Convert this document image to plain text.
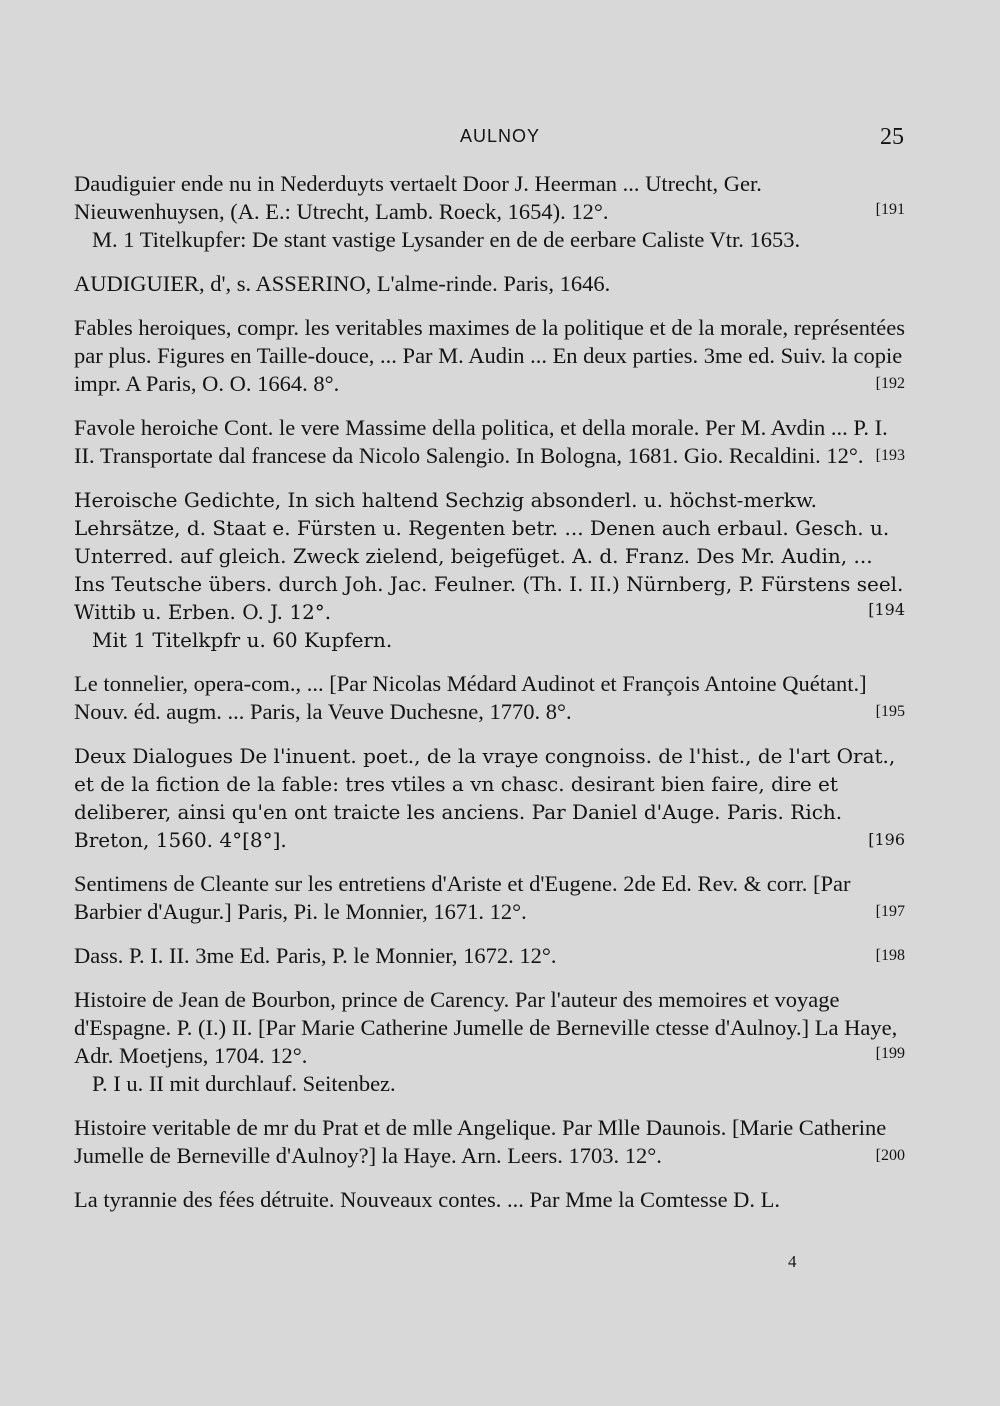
AULNOY	25
Daudiguier ende nu in Nederduyts vertaelt Door J. Heerman ... Utrecht, Ger. Nieuwenhuysen, (A. E.: Utrecht, Lamb. Roeck, 1654). 12°.
M. 1 Titelkupfer: De stant vastige Lysander en de de eerbare Caliste Vtr. 1653.
[191
AUDIGUIER, d', s. ASSERINO, L'alme-rinde. Paris, 1646.
Fables heroiques, compr. les veritables maximes de la politique et de la morale, représentées par plus. Figures en Taille-douce, ... Par M. Audin ... En deux parties. 3me ed. Suiv. la copie impr. A Paris, O. O. 1664. 8°.	[192
Favole heroiche Cont. le vere Massime della politica, et della morale. Per M. Avdin ... P. I. II. Transportate dal francese da Nicolo Salengio. In Bologna, 1681. Gio. Recaldini. 12°. [193
Heroische Gedichte, In sich haltend Sechzig absonderl. u. höchst-merkw. Lehrsätze, d. Staat e. Fürsten u. Regenten betr. ... Denen auch erbaul. Gesch. u. Unterred. auf gleich. Zweck zielend, beigefüget. A. d. Franz. Des Mr. Audin, ... Ins Teutsche übers. durch Joh. Jac. Feulner. (Th. I. II.) Nürnberg, P. Fürstens seel. Wittib u. Erben. O. J. 12°.
Mit 1 Titelkpfr u. 60 Kupfern.
[194
Le tonnelier, opera-com., ... [Par Nicolas Médard Audinot et François Antoine Quétant.] Nouv. éd. augm. ... Paris, la Veuve Duchesne, 1770. 8°.	[195
Deux Dialogues De l'inuent. poet., de la vraye congnoiss. de l'hist., de l'art Orat., et de la fiction de la fable: tres vtiles a vn chasc. desirant bien faire, dire et deliberer, ainsi qu'en ont traicte les anciens. Par Daniel d'Auge. Paris. Rich. Breton, 1560. 4°[8°].	[196
Sentimens de Cleante sur les entretiens d'Ariste et d'Eugene. 2de Ed. Rev. & corr. [Par Barbier d'Augur.] Paris, Pi. le Monnier, 1671. 12°.	[197
Dass. P. I. II. 3me Ed. Paris, P. le Monnier, 1672. 12°.	[198
Histoire de Jean de Bourbon, prince de Carency. Par l'auteur des memoires et voyage d'Espagne. P. (I.) II. [Par Marie Catherine Jumelle de Berneville ctesse d'Aulnoy.] La Haye, Adr. Moetjens, 1704. 12°.
P. I u. II mit durchlauf. Seitenbez.
[199
Histoire veritable de mr du Prat et de mlle Angelique. Par Mlle Daunois. [Marie Catherine Jumelle de Berneville d'Aulnoy?] la Haye. Arn. Leers. 1703. 12°.	[200
La tyrannie des fées détruite. Nouveaux contes. ... Par Mme la Comtesse D. L.
4
